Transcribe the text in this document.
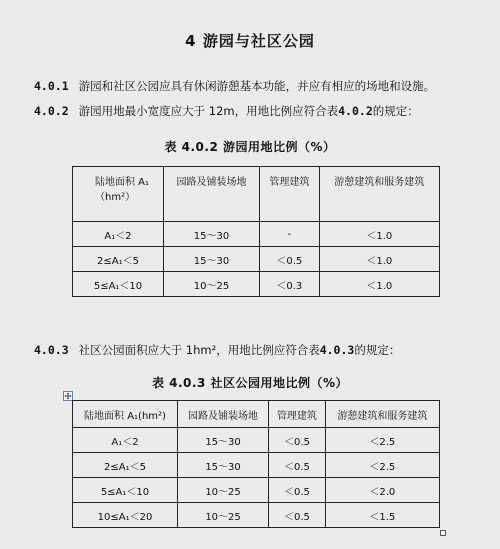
4 游园与社区公园
4.0.1 游园和社区公园应具有休闲游憩基本功能，并应有相应的场地和设施。
4.0.2 游园用地最小宽度应大于 12m，用地比例应符合表4.0.2的规定：
表 4.0.2 游园用地比例（%）
陆地面积 A₁（hm²）	园路及铺装场地	管理建筑	游憩建筑和服务建筑
A₁＜2	15～30	-	＜1.0
2≤A₁＜5	15～30	＜0.5	＜1.0
5≤A₁＜10	10～25	＜0.3	＜1.0
4.0.3 社区公园面积应大于 1hm²，用地比例应符合表4.0.3的规定：
表 4.0.3 社区公园用地比例（%）
陆地面积 A₁(hm²)	园路及铺装场地	管理建筑	游憩建筑和服务建筑
A₁＜2	15～30	＜0.5	＜2.5
2≤A₁＜5	15～30	＜0.5	＜2.5
5≤A₁＜10	10～25	＜0.5	＜2.0
10≤A₁＜20	10～25	＜0.5	＜1.5
